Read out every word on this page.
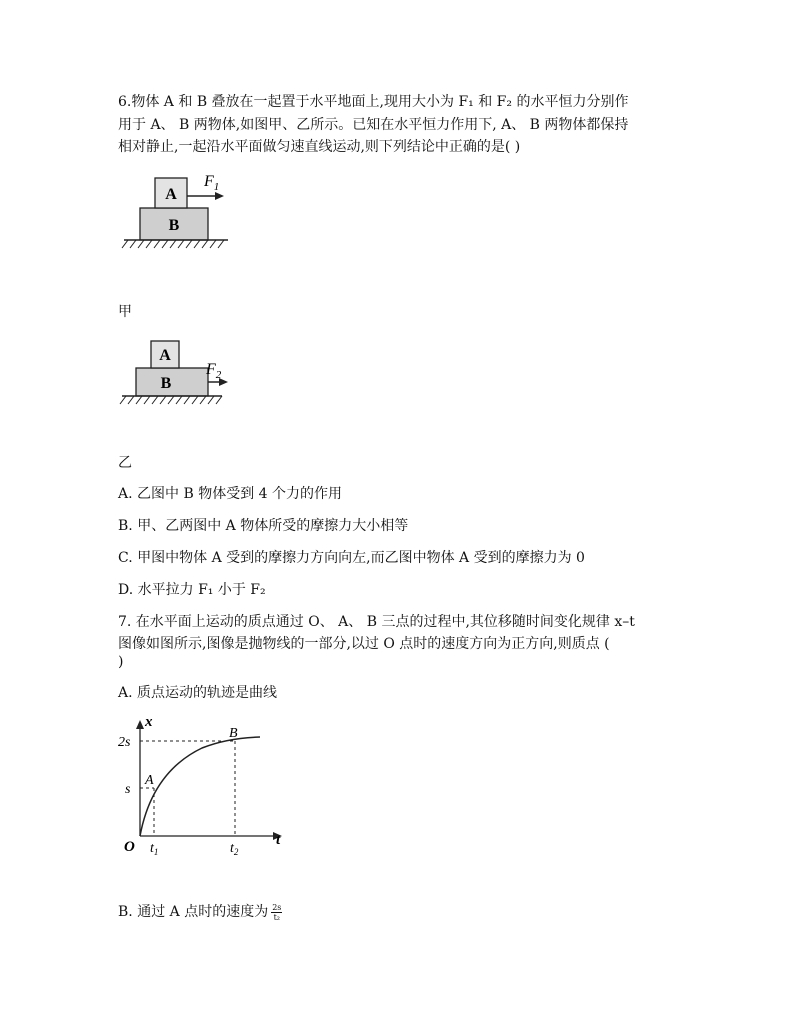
6.物体 A 和 B 叠放在一起置于水平地面上,现用大小为 F₁ 和 F₂ 的水平恒力分别作
用于 A、 B 两物体,如图甲、乙所示。已知在水平恒力作用下, A、 B 两物体都保持
相对静止,一起沿水平面做匀速直线运动,则下列结论中正确的是( )
B
A
$F_1$
甲
B
A
$F_2$
乙
A. 乙图中 B 物体受到 4 个力的作用
B. 甲、乙两图中 A 物体所受的摩擦力大小相等
C. 甲图中物体 A 受到的摩擦力方向向左,而乙图中物体 A 受到的摩擦力为 0
D. 水平拉力 F₁ 小于 F₂
7. 在水平面上运动的质点通过 O、 A、 B 三点的过程中,其位移随时间变化规律 x–t
图像如图所示,图像是抛物线的一部分,以过 O 点时的速度方向为正方向,则质点 (
)
A. 质点运动的轨迹是曲线
x
t
O
2s
s
A
B
$t_1$	$t_2$
B. 通过 A 点时的速度为 $\frac{2s}{\text{t₂}}$
